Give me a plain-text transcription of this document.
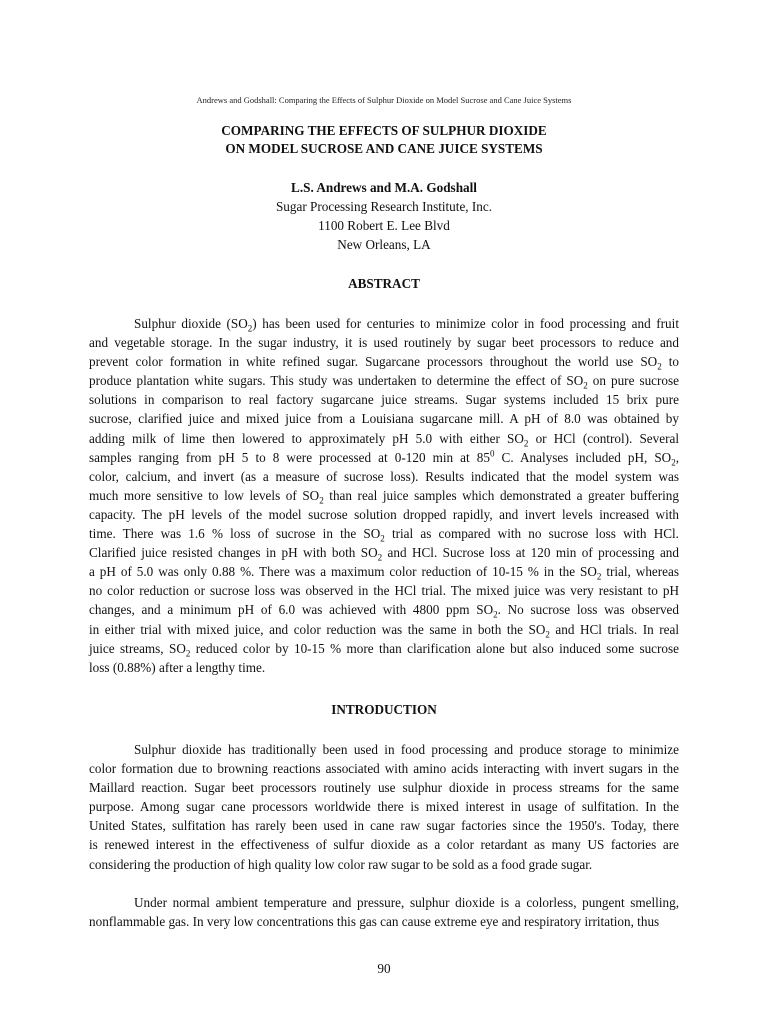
Andrews and Godshall: Comparing the Effects of Sulphur Dioxide on Model Sucrose and Cane Juice Systems
COMPARING THE EFFECTS OF SULPHUR DIOXIDE
ON MODEL SUCROSE AND CANE JUICE SYSTEMS
L.S. Andrews and M.A. Godshall
Sugar Processing Research Institute, Inc.
1100 Robert E. Lee Blvd
New Orleans, LA
ABSTRACT
Sulphur dioxide $(SO_2)$ has been used for centuries to minimize color in food processing and fruit
and vegetable storage. In the sugar industry, it is used routinely by sugar beet processors to reduce and
prevent color formation in white refined sugar. Sugarcane processors throughout the world use $SO_2$ to
produce plantation white sugars. This study was undertaken to determine the effect of $SO_2$ on pure sucrose
solutions in comparison to real factory sugarcane juice streams. Sugar systems included 15 brix pure
sucrose, clarified juice and mixed juice from a Louisiana sugarcane mill. A pH of 8.0 was obtained by
adding milk of lime then lowered to approximately pH 5.0 with either $SO_2$ or HCl (control). Several
samples ranging from pH 5 to 8 were processed at 0-120 min at $85^0$ C. Analyses included pH, $SO_2$,
color, calcium, and invert (as a measure of sucrose loss). Results indicated that the model system was
much more sensitive to low levels of $SO_2$ than real juice samples which demonstrated a greater buffering
capacity. The pH levels of the model sucrose solution dropped rapidly, and invert levels increased with
time. There was 1.6 % loss of sucrose in the $SO_2$ trial as compared with no sucrose loss with HCl.
Clarified juice resisted changes in pH with both $SO_2$ and HCl. Sucrose loss at 120 min of processing and
a pH of 5.0 was only 0.88 %. There was a maximum color reduction of 10-15 % in the $SO_2$ trial, whereas
no color reduction or sucrose loss was observed in the HCl trial. The mixed juice was very resistant to pH
changes, and a minimum pH of 6.0 was achieved with 4800 ppm $SO_2$. No sucrose loss was observed
in either trial with mixed juice, and color reduction was the same in both the $SO_2$ and HCl trials. In real
juice streams, $SO_2$ reduced color by 10-15 % more than clarification alone but also induced some sucrose
loss (0.88%) after a lengthy time.
INTRODUCTION
Sulphur dioxide has traditionally been used in food processing and produce storage to minimize
color formation due to browning reactions associated with amino acids interacting with invert sugars in the
Maillard reaction. Sugar beet processors routinely use sulphur dioxide in process streams for the same
purpose. Among sugar cane processors worldwide there is mixed interest in usage of sulfitation. In the
United States, sulfitation has rarely been used in cane raw sugar factories since the 1950's. Today, there
is renewed interest in the effectiveness of sulfur dioxide as a color retardant as many US factories are
considering the production of high quality low color raw sugar to be sold as a food grade sugar.
Under normal ambient temperature and pressure, sulphur dioxide is a colorless, pungent smelling,
nonflammable gas. In very low concentrations this gas can cause extreme eye and respiratory irritation, thus
90
